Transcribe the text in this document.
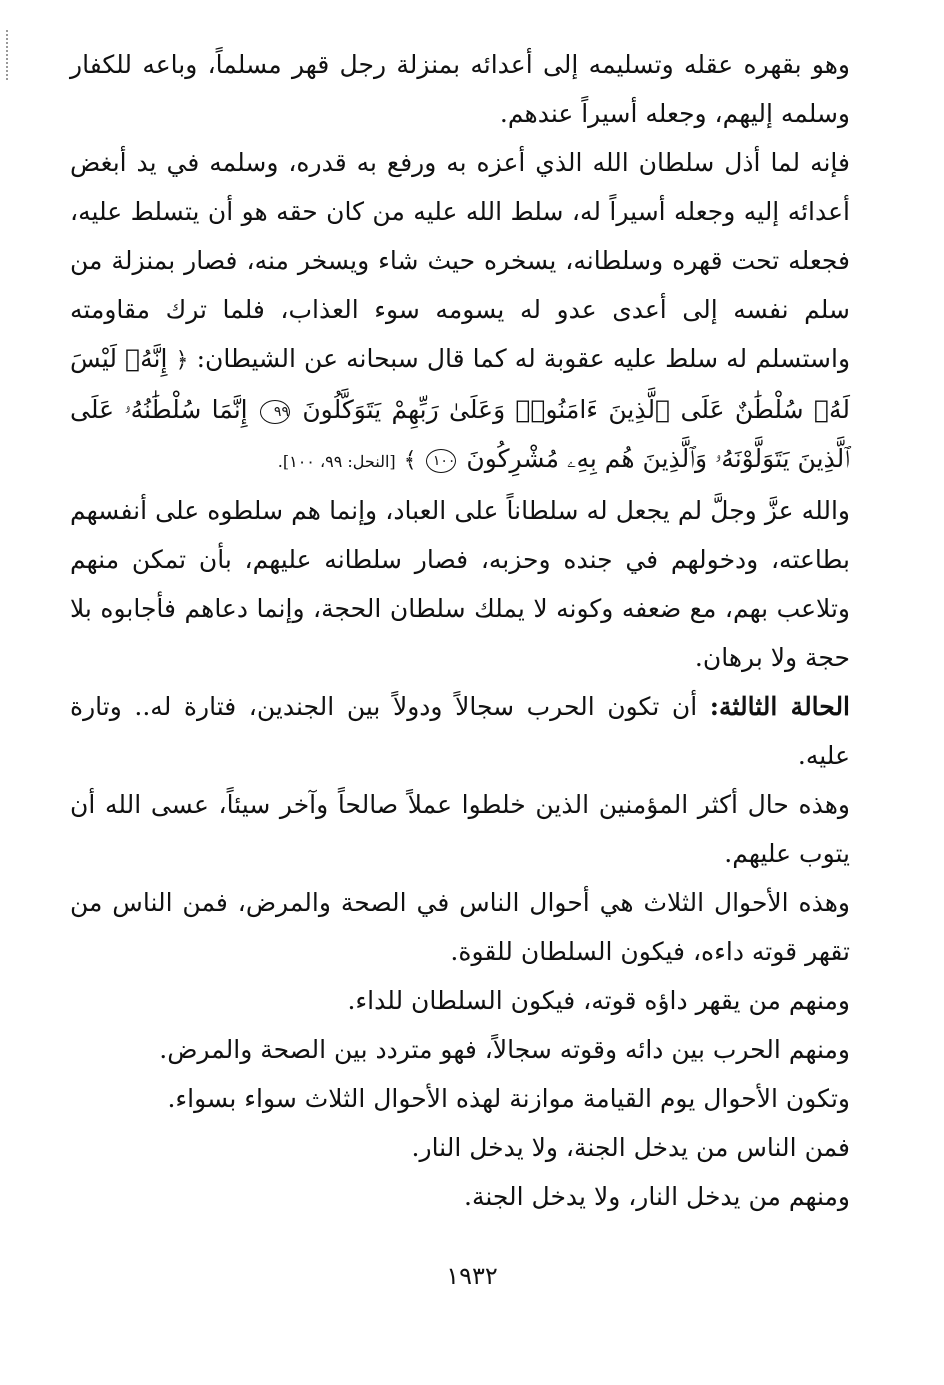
وهو بقهره عقله وتسليمه إلى أعدائه بمنزلة رجل قهر مسلماً، وباعه للكفار وسلمه إليهم، وجعله أسيراً عندهم.

فإنه لما أذل سلطان الله الذي أعزه به ورفع به قدره، وسلمه في يد أبغض أعدائه إليه وجعله أسيراً له، سلط الله عليه من كان حقه هو أن يتسلط عليه، فجعله تحت قهره وسلطانه، يسخره حيث شاء ويسخر منه، فصار بمنزلة من سلم نفسه إلى أعدى عدو له يسومه سوء العذاب، فلما ترك مقاومته واستسلم له سلط عليه عقوبة له كما قال سبحانه عن الشيطان: ﴿ إِنَّهُۥ لَيْسَ لَهُۥ سُلْطَٰنٌ عَلَى ٱلَّذِينَ ءَامَنُوا۟ وَعَلَىٰ رَبِّهِمْ يَتَوَكَّلُونَ ٩٩ إِنَّمَا سُلْطَٰنُهُۥ عَلَى ٱلَّذِينَ يَتَوَلَّوْنَهُۥ وَٱلَّذِينَ هُم بِهِۦ مُشْرِكُونَ ١٠٠ ﴾ [النحل: ٩٩، ١٠٠].

والله عزَّ وجلَّ لم يجعل له سلطاناً على العباد، وإنما هم سلطوه على أنفسهم بطاعته، ودخولهم في جنده وحزبه، فصار سلطانه عليهم، بأن تمكن منهم وتلاعب بهم، مع ضعفه وكونه لا يملك سلطان الحجة، وإنما دعاهم فأجابوه بلا حجة ولا برهان.

الحالة الثالثة: أن تكون الحرب سجالاً ودولاً بين الجندين، فتارة له.. وتارة عليه.

وهذه حال أكثر المؤمنين الذين خلطوا عملاً صالحاً وآخر سيئاً، عسى الله أن يتوب عليهم.

وهذه الأحوال الثلاث هي أحوال الناس في الصحة والمرض، فمن الناس من تقهر قوته داءه، فيكون السلطان للقوة.

ومنهم من يقهر داؤه قوته، فيكون السلطان للداء.

ومنهم الحرب بين دائه وقوته سجالاً، فهو متردد بين الصحة والمرض.

وتكون الأحوال يوم القيامة موازنة لهذه الأحوال الثلاث سواء بسواء.

فمن الناس من يدخل الجنة، ولا يدخل النار.

ومنهم من يدخل النار، ولا يدخل الجنة.

١٩٣٢
